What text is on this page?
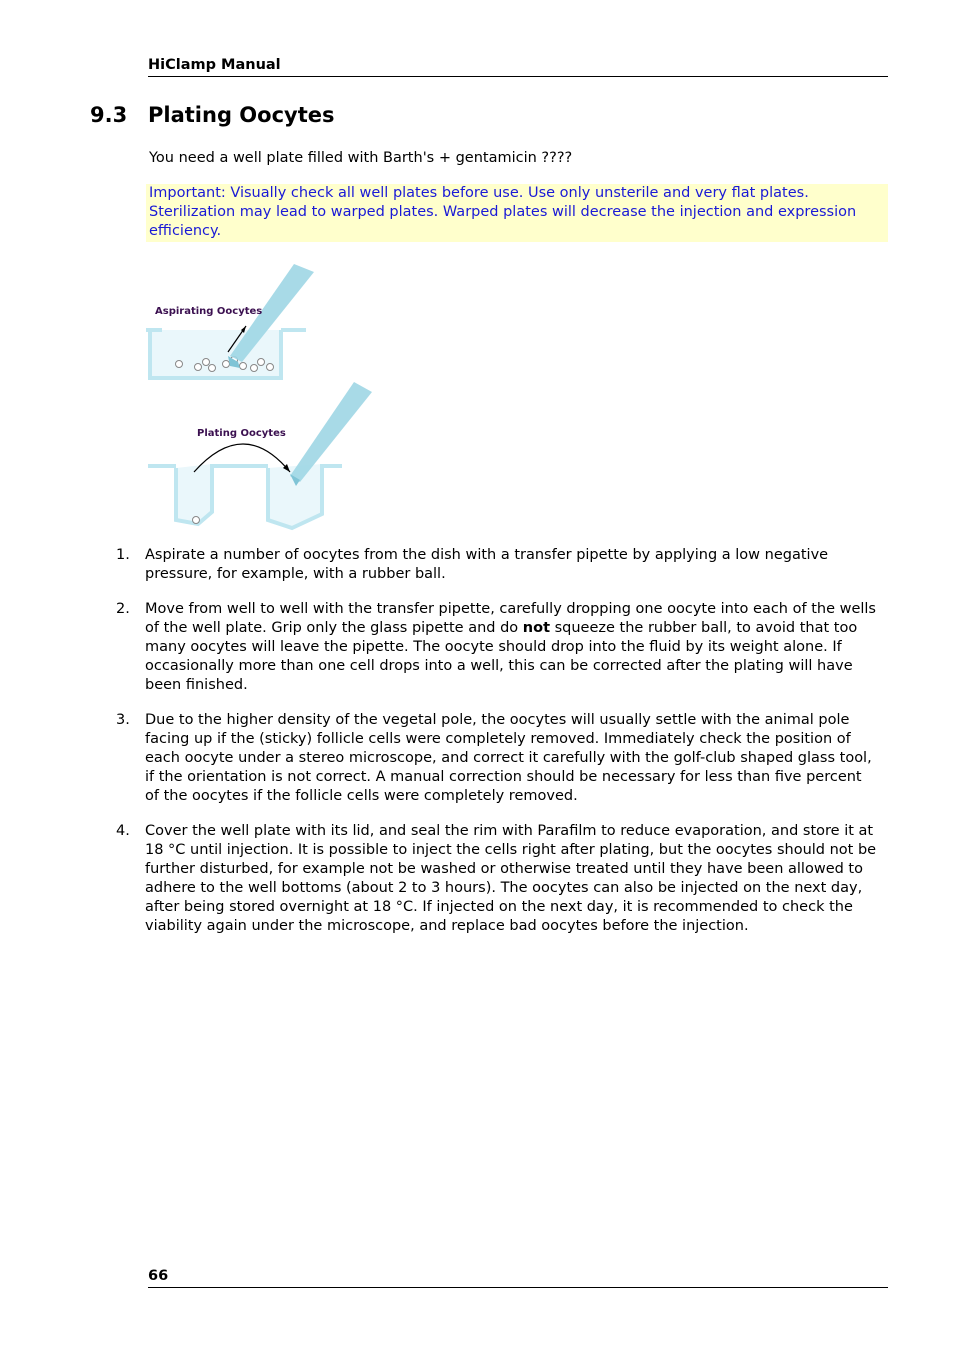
HiClamp Manual
9.3 Plating Oocytes
You need a well plate filled with Barth's + gentamicin ????
Important: Visually check all well plates before use. Use only unsterile and very flat plates. Sterilization may lead to warped plates. Warped plates will decrease the injection and expression efficiency.
Aspirating Oocytes
Plating Oocytes
1. Aspirate a number of oocytes from the dish with a transfer pipette by applying a low negative pressure, for example, with a rubber ball.
2. Move from well to well with the transfer pipette, carefully dropping one oocyte into each of the wells of the well plate. Grip only the glass pipette and do not squeeze the rubber ball, to avoid that too many oocytes will leave the pipette. The oocyte should drop into the fluid by its weight alone. If occasionally more than one cell drops into a well, this can be corrected after the plating will have been finished.
3. Due to the higher density of the vegetal pole, the oocytes will usually settle with the animal pole facing up if the (sticky) follicle cells were completely removed. Immediately check the position of each oocyte under a stereo microscope, and correct it carefully with the golf-club shaped glass tool, if the orientation is not correct. A manual correction should be necessary for less than five percent of the oocytes if the follicle cells were completely removed.
4. Cover the well plate with its lid, and seal the rim with Parafilm to reduce evaporation, and store it at 18 °C until injection. It is possible to inject the cells right after plating, but the oocytes should not be further disturbed, for example not be washed or otherwise treated until they have been allowed to adhere to the well bottoms (about 2 to 3 hours). The oocytes can also be injected on the next day, after being stored overnight at 18 °C. If injected on the next day, it is recommended to check the viability again under the microscope, and replace bad oocytes before the injection.
66
